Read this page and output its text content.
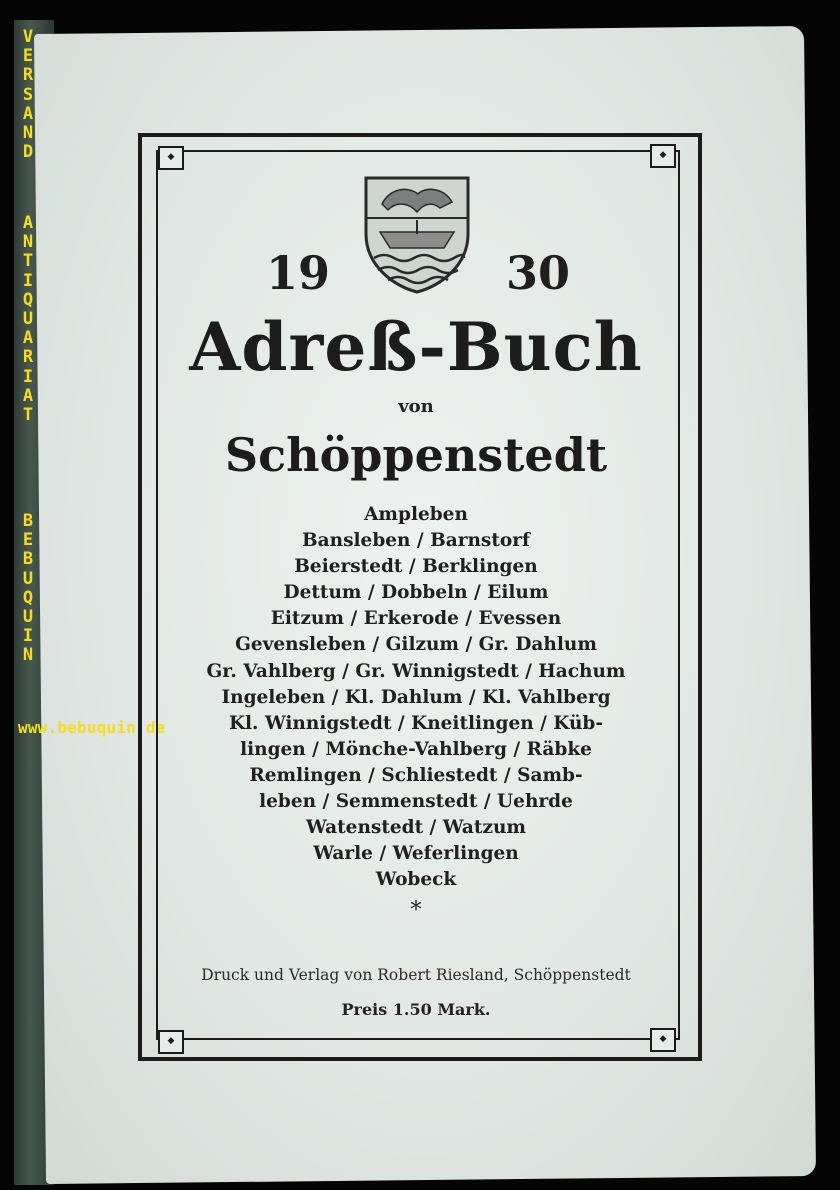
V
E
R
S
A
N
D
A
N
T
I
Q
U
A
R
I
A
T
B
E
B
U
Q
U
I
N
www.bebuquin.de
◆	◆
◆	◆
19	30
Adreß-Buch
von
Schöppenstedt
Ampleben
Bansleben / Barnstorf
Beierstedt / Berklingen
Dettum / Dobbeln / Eilum
Eitzum / Erkerode / Evessen
Gevensleben / Gilzum / Gr. Dahlum
Gr. Vahlberg / Gr. Winnigstedt / Hachum
Ingeleben / Kl. Dahlum / Kl. Vahlberg
Kl. Winnigstedt / Kneitlingen / Küb-
lingen / Mönche-Vahlberg / Räbke
Remlingen / Schliestedt / Samb-
leben / Semmenstedt / Uehrde
Watenstedt / Watzum
Warle / Weferlingen
Wobeck
*
Druck und Verlag von Robert Riesland, Schöppenstedt
Preis 1.50 Mark.
